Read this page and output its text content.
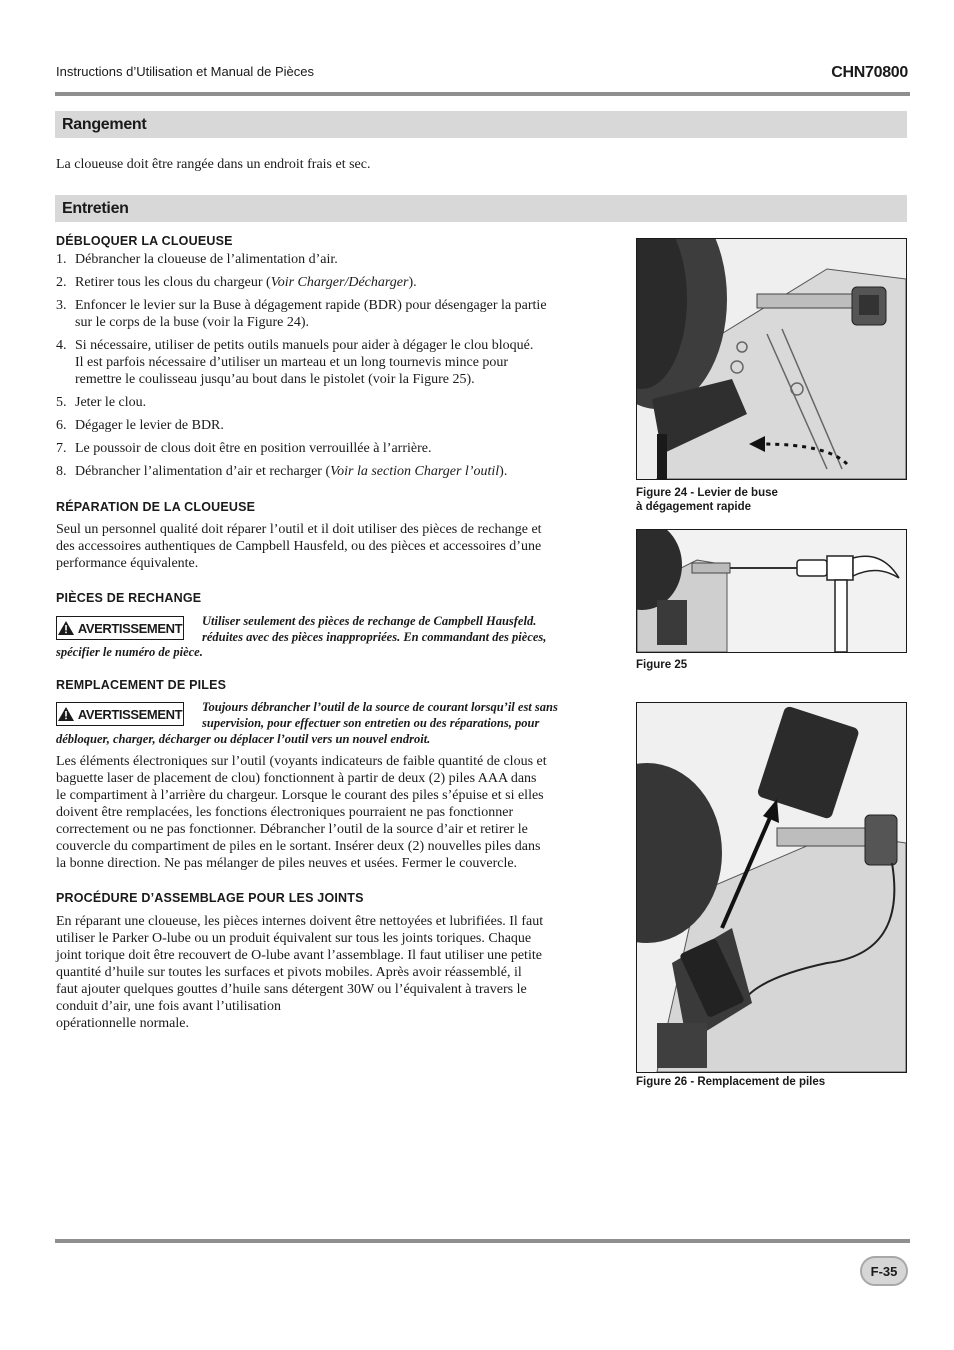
Instructions d’Utilisation et Manual de Pièces	CHN70800
Rangement
La cloueuse doit être rangée dans un endroit frais et sec.
Entretien
DÉBLOQUER LA CLOUEUSE
1. Débrancher la cloueuse de l’alimentation d’air.
2. Retirer tous les clous du chargeur (Voir Charger/Décharger).
3. Enfoncer le levier sur la Buse à dégagement rapide (BDR) pour désengager la partie
sur le corps de la buse (voir la Figure 24).
4. Si nécessaire, utiliser de petits outils manuels pour aider à dégager le clou bloqué.
Il est parfois nécessaire d’utiliser un marteau et un long tournevis mince pour
remettre le coulisseau jusqu’au bout dans le pistolet (voir la Figure 25).
5. Jeter le clou.
6. Dégager le levier de BDR.
7. Le poussoir de clous doit être en position verrouillée à l’arrière.
8. Débrancher l’alimentation d’air et recharger (Voir la section Charger l’outil).
RÉPARATION DE LA CLOUEUSE
Seul un personnel qualité doit réparer l’outil et il doit utiliser des pièces de rechange et
des accessoires authentiques de Campbell Hausfeld, ou des pièces et accessoires d’une
performance équivalente.
PIÈCES DE RECHANGE
AVERTISSEMENT Utiliser seulement des pièces de rechange de Campbell Hausfeld.
réduites avec des pièces inappropriées. En commandant des pièces,
spécifier le numéro de pièce.
REMPLACEMENT DE PILES
AVERTISSEMENT Toujours débrancher l’outil de la source de courant lorsqu’il est sans
supervision, pour effectuer son entretien ou des réparations, pour
débloquer, charger, décharger ou déplacer l’outil vers un nouvel endroit.
Les éléments électroniques sur l’outil (voyants indicateurs de faible quantité de clous et
baguette laser de placement de clou) fonctionnent à partir de deux (2) piles AAA dans
le compartiment à l’arrière du chargeur. Lorsque le courant des piles s’épuise et si elles
doivent être remplacées, les fonctions électroniques pourraient ne pas fonctionner
correctement ou ne pas fonctionner. Débrancher l’outil de la source d’air et retirer le
couvercle du compartiment de piles en le sortant. Insérer deux (2) nouvelles piles dans
la bonne direction. Ne pas mélanger de piles neuves et usées. Fermer le couvercle.
PROCÉDURE D’ASSEMBLAGE POUR LES JOINTS
En réparant une cloueuse, les pièces internes doivent être nettoyées et lubrifiées. Il faut
utiliser le Parker O-lube ou un produit équivalent sur tous les joints toriques. Chaque
joint torique doit être recouvert de O-lube avant l’assemblage. Il faut utiliser une petite
quantité d’huile sur toutes les surfaces et pivots mobiles. Après avoir réassemblé, il
faut ajouter quelques gouttes d’huile sans détergent 30W ou l’équivalent à travers le
conduit d’air, une fois avant l’utilisation
opérationnelle normale.
Figure 24 - Levier de buse
à dégagement rapide
Figure 25
Figure 26 - Remplacement de piles
F-35
